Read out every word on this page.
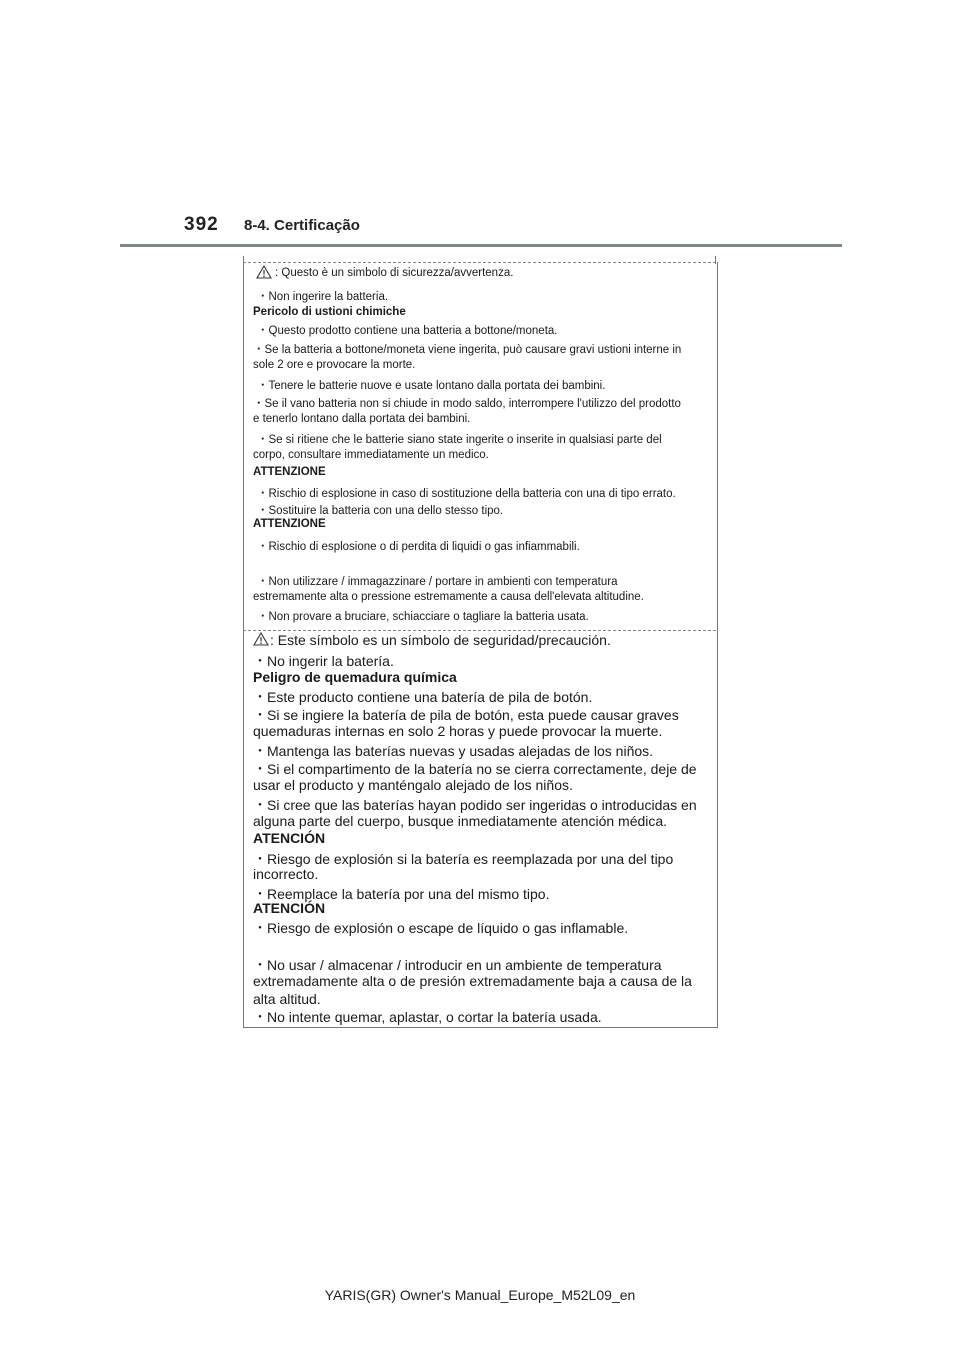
392 8-4. Certificação
: Questo è un simbolo di sicurezza/avvertenza.
・Non ingerire la batteria.
Pericolo di ustioni chimiche
・Questo prodotto contiene una batteria a bottone/moneta.
・Se la batteria a bottone/moneta viene ingerita, può causare gravi ustioni interne in
sole 2 ore e provocare la morte.
・Tenere le batterie nuove e usate lontano dalla portata dei bambini.
・Se il vano batteria non si chiude in modo saldo, interrompere l'utilizzo del prodotto
e tenerlo lontano dalla portata dei bambini.
・Se si ritiene che le batterie siano state ingerite o inserite in qualsiasi parte del
corpo, consultare immediatamente un medico.
ATTENZIONE
・Rischio di esplosione in caso di sostituzione della batteria con una di tipo errato.
・Sostituire la batteria con una dello stesso tipo.
ATTENZIONE
・Rischio di esplosione o di perdita di liquidi o gas infiammabili.
・Non utilizzare / immagazzinare / portare in ambienti con temperatura
estremamente alta o pressione estremamente a causa dell'elevata altitudine.
・Non provare a bruciare, schiacciare o tagliare la batteria usata.
: Este símbolo es un símbolo de seguridad/precaución.
・No ingerir la batería.
Peligro de quemadura química
・Este producto contiene una batería de pila de botón.
・Si se ingiere la batería de pila de botón, esta puede causar graves
quemaduras internas en solo 2 horas y puede provocar la muerte.
・Mantenga las baterías nuevas y usadas alejadas de los niños.
・Si el compartimento de la batería no se cierra correctamente, deje de
usar el producto y manténgalo alejado de los niños.
・Si cree que las baterías hayan podido ser ingeridas o introducidas en
alguna parte del cuerpo, busque inmediatamente atención médica.
ATENCIÓN
・Riesgo de explosión si la batería es reemplazada por una del tipo
incorrecto.
・Reemplace la batería por una del mismo tipo.
ATENCIÓN
・Riesgo de explosión o escape de líquido o gas inflamable.
・No usar / almacenar / introducir en un ambiente de temperatura
extremadamente alta o de presión extremadamente baja a causa de la
alta altitud.
・No intente quemar, aplastar, o cortar la batería usada.
YARIS(GR) Owner's Manual_Europe_M52L09_en
